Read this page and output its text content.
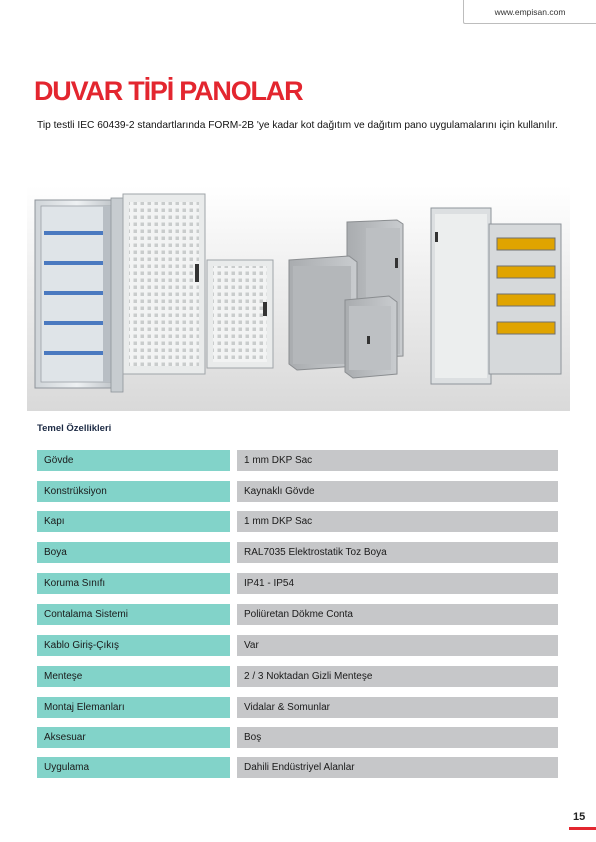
www.empisan.com
DUVAR TİPİ PANOLAR

Tip testli IEC 60439-2 standartlarında FORM-2B 'ye kadar kot dağıtım ve dağıtım pano uygulamalarını için kullanılır.

Temel Özellikleri
Gövde	1 mm DKP Sac
Konstrüksiyon	Kaynaklı Gövde
Kapı	1 mm DKP Sac
Boya	RAL7035 Elektrostatik Toz Boya
Koruma Sınıfı	IP41 - IP54
Contalama Sistemi	Poliüretan Dökme Conta
Kablo Giriş-Çıkış	Var
Menteşe	2 / 3 Noktadan Gizli Menteşe
Montaj Elemanları	Vidalar & Somunlar
Aksesuar	Boş
Uygulama	Dahili Endüstriyel Alanlar
15
